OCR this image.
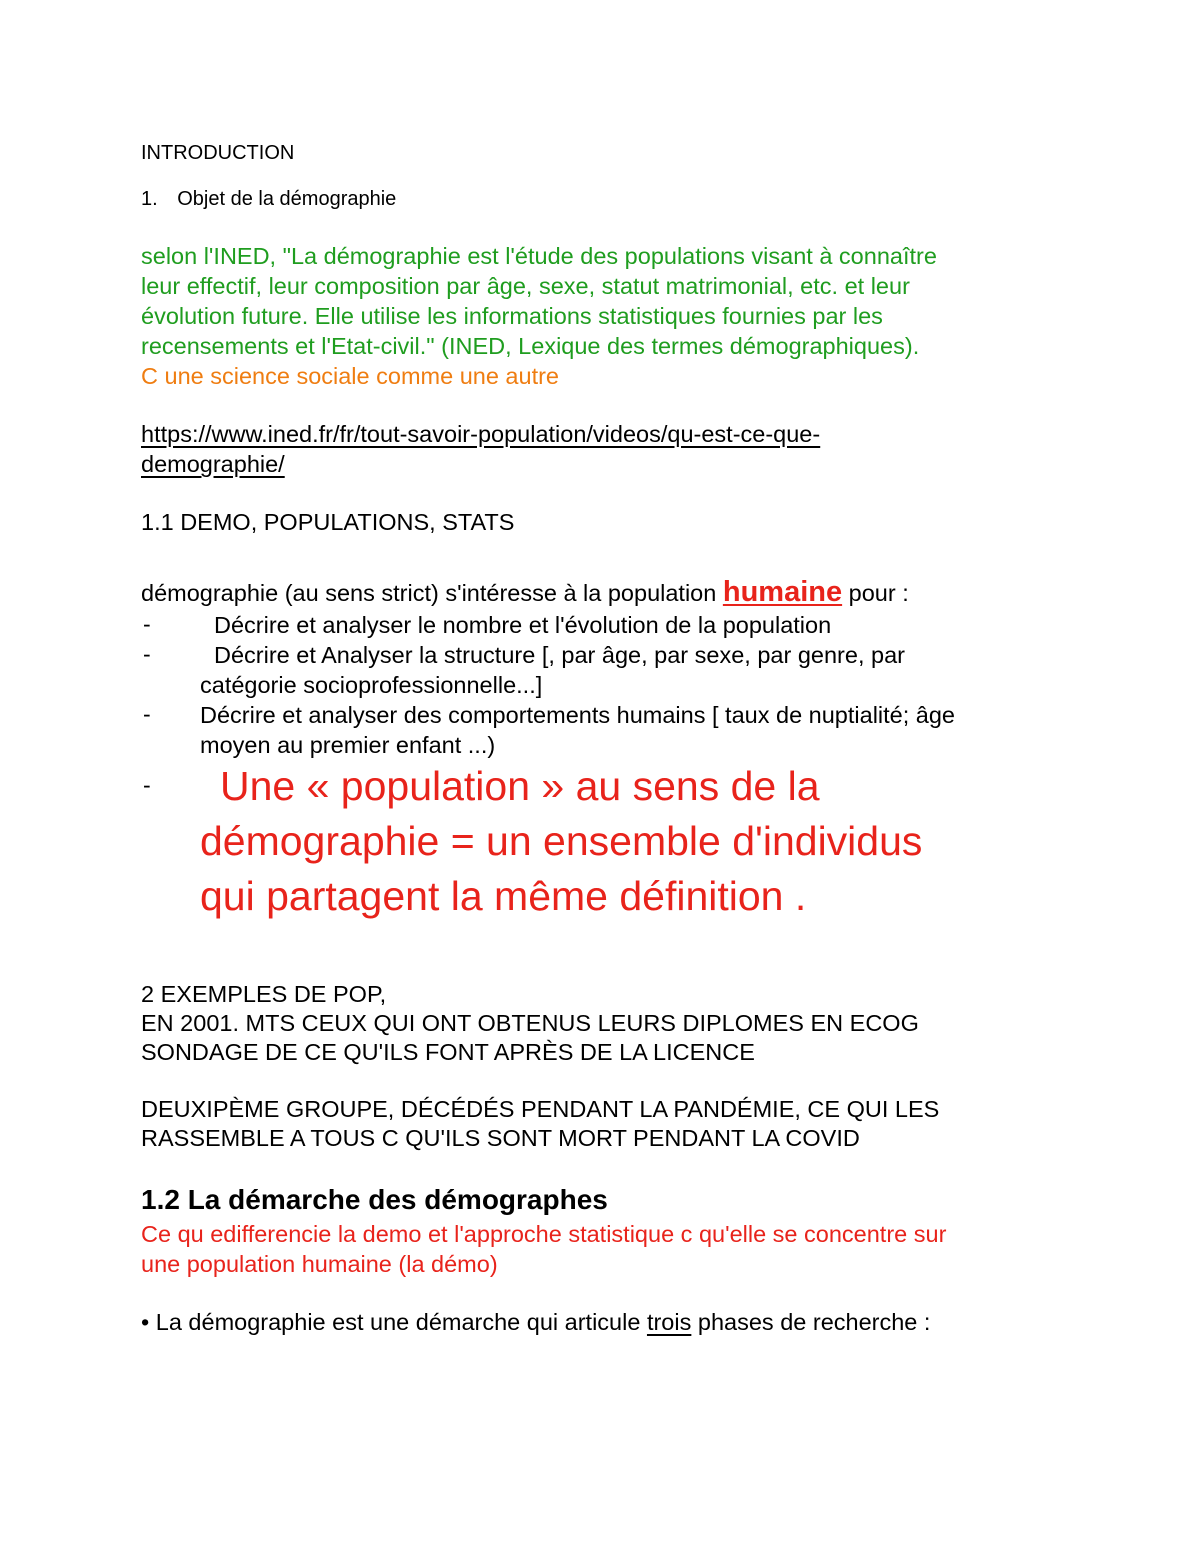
INTRODUCTION
1. Objet de la démographie
selon l'INED, "La démographie est l'étude des populations visant à connaître
leur effectif, leur composition par âge, sexe, statut matrimonial, etc. et leur
évolution future. Elle utilise les informations statistiques fournies par les
recensements et l'Etat-civil." (INED, Lexique des termes démographiques).
C une science sociale comme une autre
https://www.ined.fr/fr/tout-savoir-population/videos/qu-est-ce-que-
demographie/
1.1 DEMO, POPULATIONS, STATS
démographie (au sens strict) s'intéresse à la population humaine pour :
-	Décrire et analyser le nombre et l'évolution de la population
-	Décrire et Analyser la structure [, par âge, par sexe, par genre, par
catégorie socioprofessionnelle...]
- Décrire et analyser des comportements humains [ taux de nuptialité; âge
moyen au premier enfant ...)
- Une « population » au sens de la
démographie = un ensemble d'individus
qui partagent la même définition .
2 EXEMPLES DE POP,
EN 2001. MTS CEUX QUI ONT OBTENUS LEURS DIPLOMES EN ECOG
SONDAGE DE CE QU'ILS FONT APRÈS DE LA LICENCE
DEUXIPÈME GROUPE, DÉCÉDÉS PENDANT LA PANDÉMIE, CE QUI LES
RASSEMBLE A TOUS C QU'ILS SONT MORT PENDANT LA COVID
1.2 La démarche des démographes
Ce qu edifferencie la demo et l'approche statistique c qu'elle se concentre sur
une population humaine (la démo)
• La démographie est une démarche qui articule trois phases de recherche :
